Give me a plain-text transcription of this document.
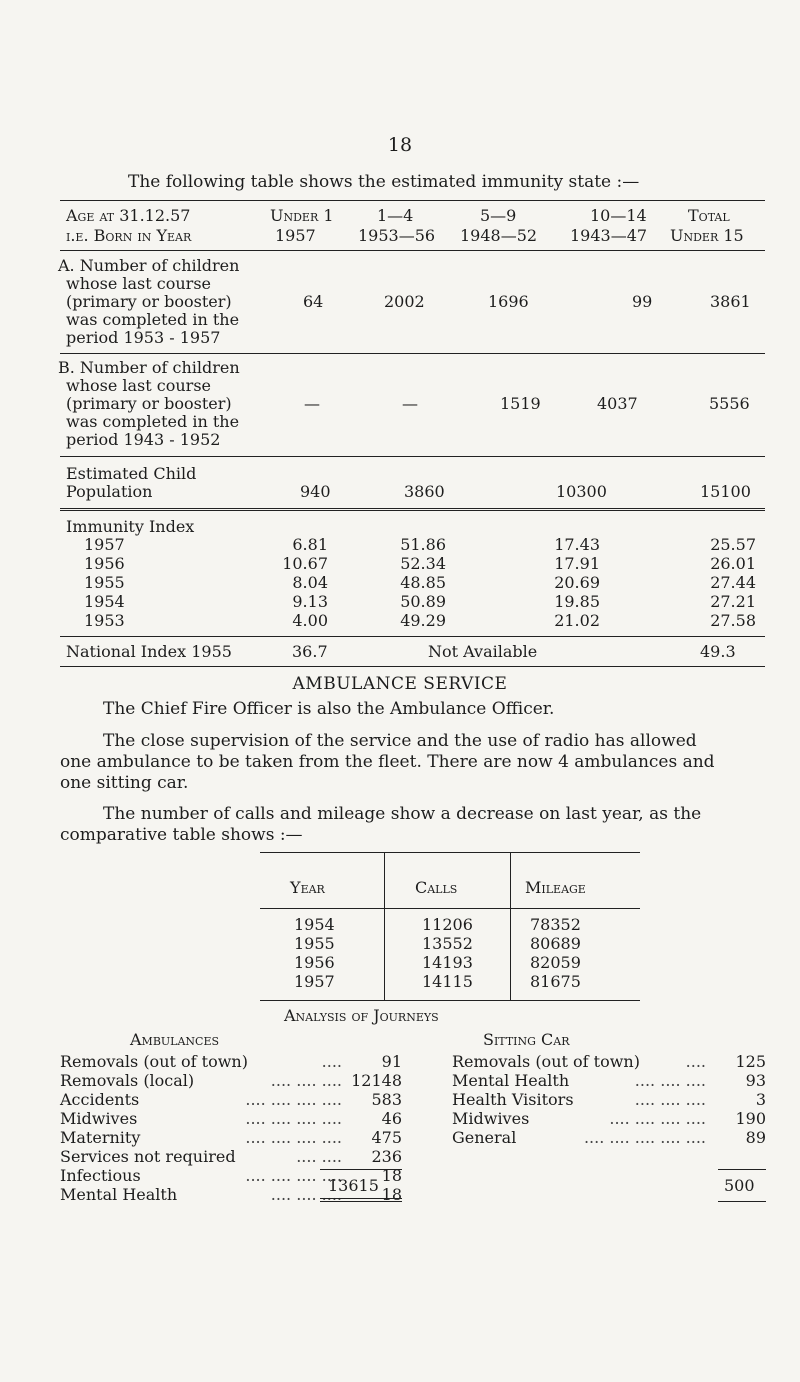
18
The following table shows the estimated immunity state :—
Age at 31.12.57	Under 1	1—4	5—9	10—14	Total
i.e. Born in Year	1957	1953—56 1948—52 1943—47 Under 15
A. Number of children
whose last course
(primary or booster)
was completed in the
period 1953 - 1957
64	2002	1696	99	3861
B. Number of children
whose last course
(primary or booster)
was completed in the
period 1943 - 1952
—	—	1519	4037	5556
Estimated Child
Population	940	3860	10300	15100
Immunity Index
1957	6.81	51.86	17.43	25.57
1956	10.67	52.34	17.91	26.01
1955	8.04	48.85	20.69	27.44
1954	9.13	50.89	19.85	27.21
1953	4.00	49.29	21.02	27.58
National Index 1955	36.7	Not Available	49.3
AMBULANCE SERVICE
The Chief Fire Officer is also the Ambulance Officer.
The close supervision of the service and the use of radio has allowed
one ambulance to be taken from the fleet. There are now 4 ambulances and
one sitting car.
The number of calls and mileage show a decrease on last year, as the
comparative table shows :—
Year	Calls	Mileage
1954	11206	78352
1955	13552	80689
1956	14193	82059
1957	14115	81675
Analysis of Journeys
Ambulances	Sitting Car
Removals (out of town)	....	91
Removals (local)	.... .... .... 12148
Accidents	.... .... .... ....	583
Midwives	.... .... .... ....	46
Maternity	.... .... .... ....	475
Services not required	.... ....	236
Infectious	.... .... .... ....	18
Mental Health	.... .... ....	18
Removals (out of town)	....	125
Mental Health	.... .... ....	93
Health Visitors	.... .... ....	3
Midwives	.... .... .... ....	190
General	.... .... .... .... ....	89
13615	500
